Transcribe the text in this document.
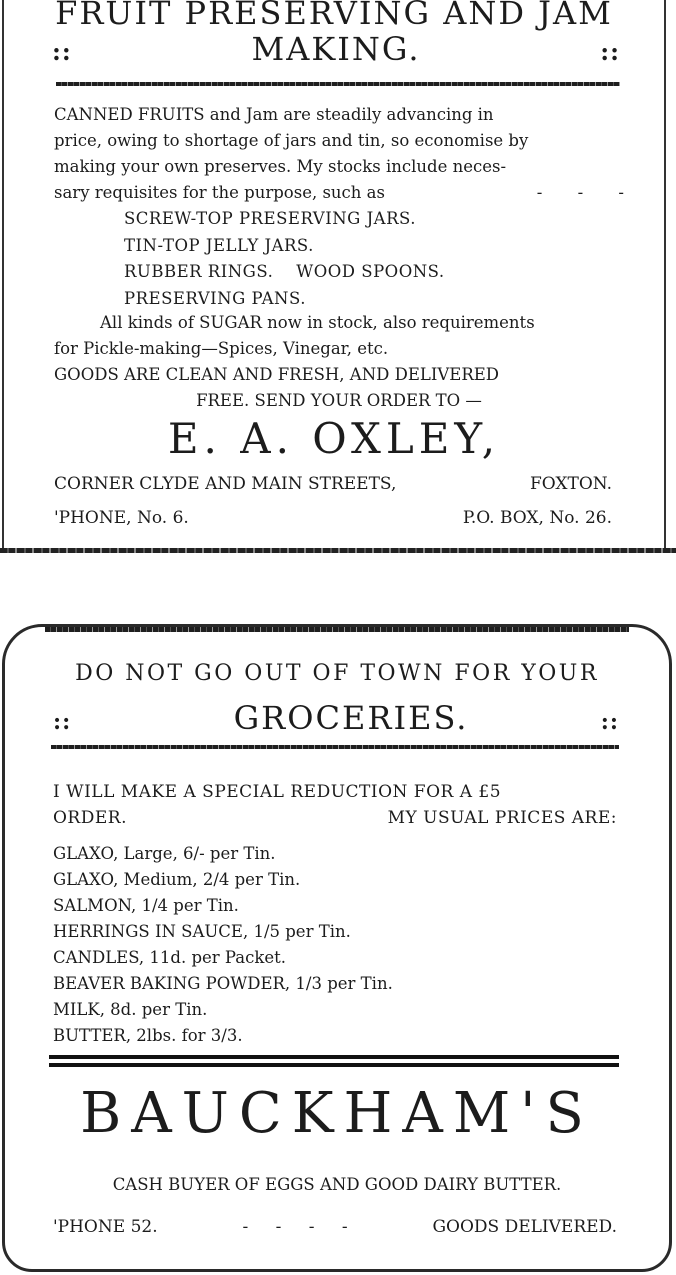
FRUIT PRESERVING AND JAM
::	MAKING.	::
CANNED FRUITS and Jam are steadily advancing in
price, owing to shortage of jars and tin, so economise by
making your own preserves. My stocks include neces-
sary requisites for the purpose, such as	- - -
SCREW-TOP PRESERVING JARS.
TIN-TOP JELLY JARS.
RUBBER RINGS.    WOOD SPOONS.
PRESERVING PANS.
All kinds of SUGAR now in stock, also requirements
for Pickle-making—Spices, Vinegar, etc.
GOODS ARE CLEAN AND FRESH, AND DELIVERED
FREE. SEND YOUR ORDER TO —
E. A. OXLEY,
CORNER CLYDE AND MAIN STREETS,	FOXTON.
'PHONE, No. 6.	P.O. BOX, No. 26.
DO NOT GO OUT OF TOWN FOR YOUR
::	GROCERIES.	::
I WILL MAKE A SPECIAL REDUCTION FOR A £5
ORDER.	MY USUAL PRICES ARE:
GLAXO, Large, 6/- per Tin.
GLAXO, Medium, 2/4 per Tin.
SALMON, 1/4 per Tin.
HERRINGS IN SAUCE, 1/5 per Tin.
CANDLES, 11d. per Packet.
BEAVER BAKING POWDER, 1/3 per Tin.
MILK, 8d. per Tin.
BUTTER, 2lbs. for 3/3.
BAUCKHAM'S
CASH BUYER OF EGGS AND GOOD DAIRY BUTTER.
'PHONE 52.	- - - -	GOODS DELIVERED.
